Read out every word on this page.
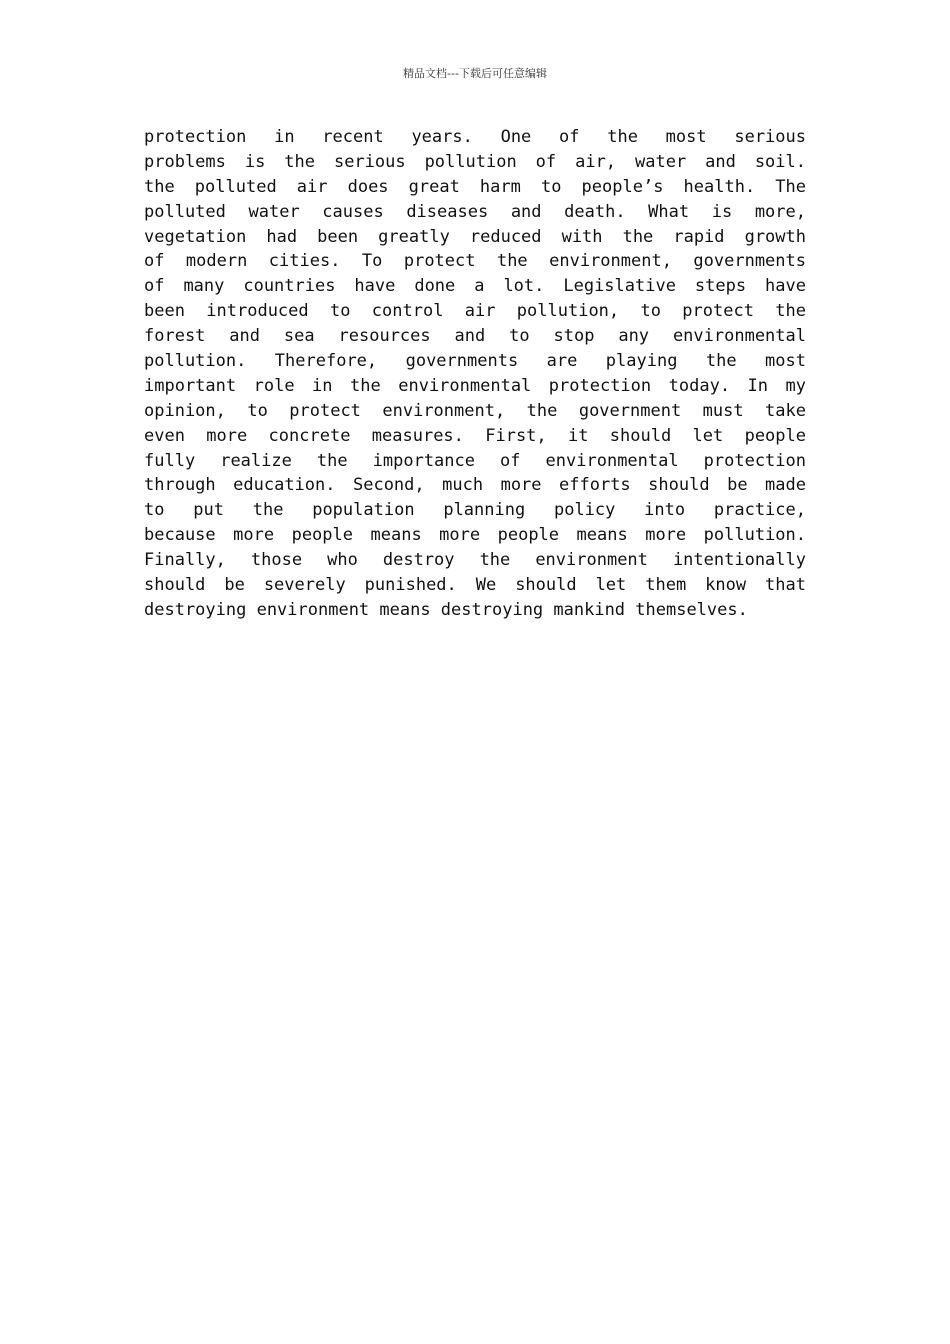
精品文档---下载后可任意编辑
protection in recent years. One of the most serious
problems is the serious pollution of air, water and soil.
the polluted air does great harm to people’s health. The
polluted water causes diseases and death. What is more,
vegetation had been greatly reduced with the rapid growth
of modern cities. To protect the environment, governments
of many countries have done a lot. Legislative steps have
been introduced to control air pollution, to protect the
forest and sea resources and to stop any environmental
pollution. Therefore, governments are playing the most
important role in the environmental protection today. In my
opinion, to protect environment, the government must take
even more concrete measures. First, it should let people
fully realize the importance of environmental protection
through education. Second, much more efforts should be made
to put the population planning policy into practice,
because more people means more people means more pollution.
Finally, those who destroy the environment intentionally
should be severely punished. We should let them know that
destroying environment means destroying mankind themselves.
